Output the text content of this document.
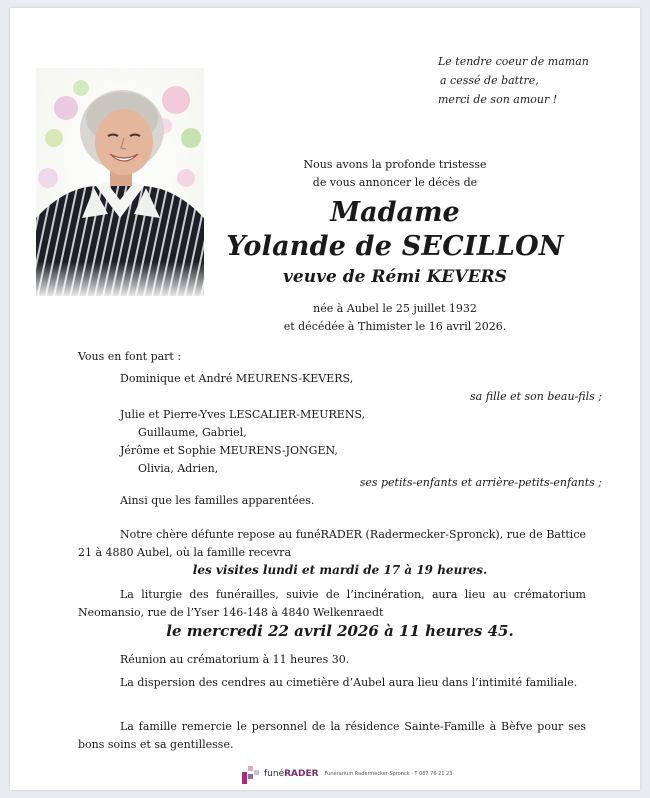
Le tendre coeur de maman
a cessé de battre,
merci de son amour !
Nous avons la profonde tristesse
de vous annoncer le décès de
Madame
Yolande de SECILLON
veuve de Rémi KEVERS
née à Aubel le 25 juillet 1932
et décédée à Thimister le 16 avril 2026.
Vous en font part :
Dominique et André MEURENS-KEVERS,
sa fille et son beau-fils ;
Julie et Pierre-Yves LESCALIER-MEURENS,
Guillaume, Gabriel,
Jérôme et Sophie MEURENS-JONGEN,
Olivia, Adrien,
ses petits-enfants et arrière-petits-enfants ;
Ainsi que les familles apparentées.
Notre chère défunte repose au funéRADER (Radermecker-Spronck), rue de Battice 21 à 4880 Aubel, où la famille recevra
les visites lundi et mardi de 17 à 19 heures.
La liturgie des funérailles, suivie de l’incinération, aura lieu au crématorium Neomansio, rue de l’Yser 146-148 à 4840 Welkenraedt
le mercredi 22 avril 2026 à 11 heures 45.
Réunion au crématorium à 11 heures 30.
La dispersion des cendres au cimetière d’Aubel aura lieu dans l’intimité familiale.
La famille remercie le personnel de la résidence Sainte-Famille à Bèfve pour ses bons soins et sa gentillesse.
funéRADER Funérarium Radermecker-Spronck · T 087 76 21 23
